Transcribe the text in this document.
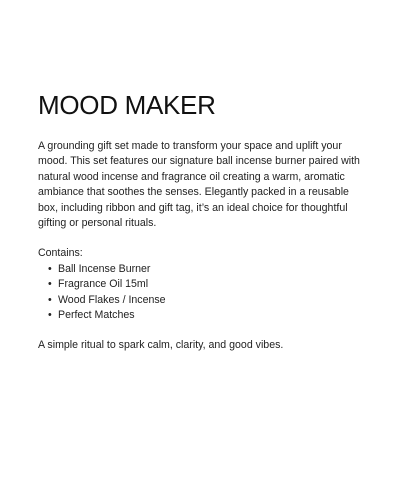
MOOD MAKER

A grounding gift set made to transform your space and uplift your mood. This set features our signature ball incense burner paired with natural wood incense and fragrance oil creating a warm, aromatic ambiance that soothes the senses. Elegantly packed in a reusable box, including ribbon and gift tag, it’s an ideal choice for thoughtful gifting or personal rituals.

Contains:

• Ball Incense Burner
• Fragrance Oil 15ml
• Wood Flakes / Incense
• Perfect Matches

A simple ritual to spark calm, clarity, and good vibes.
